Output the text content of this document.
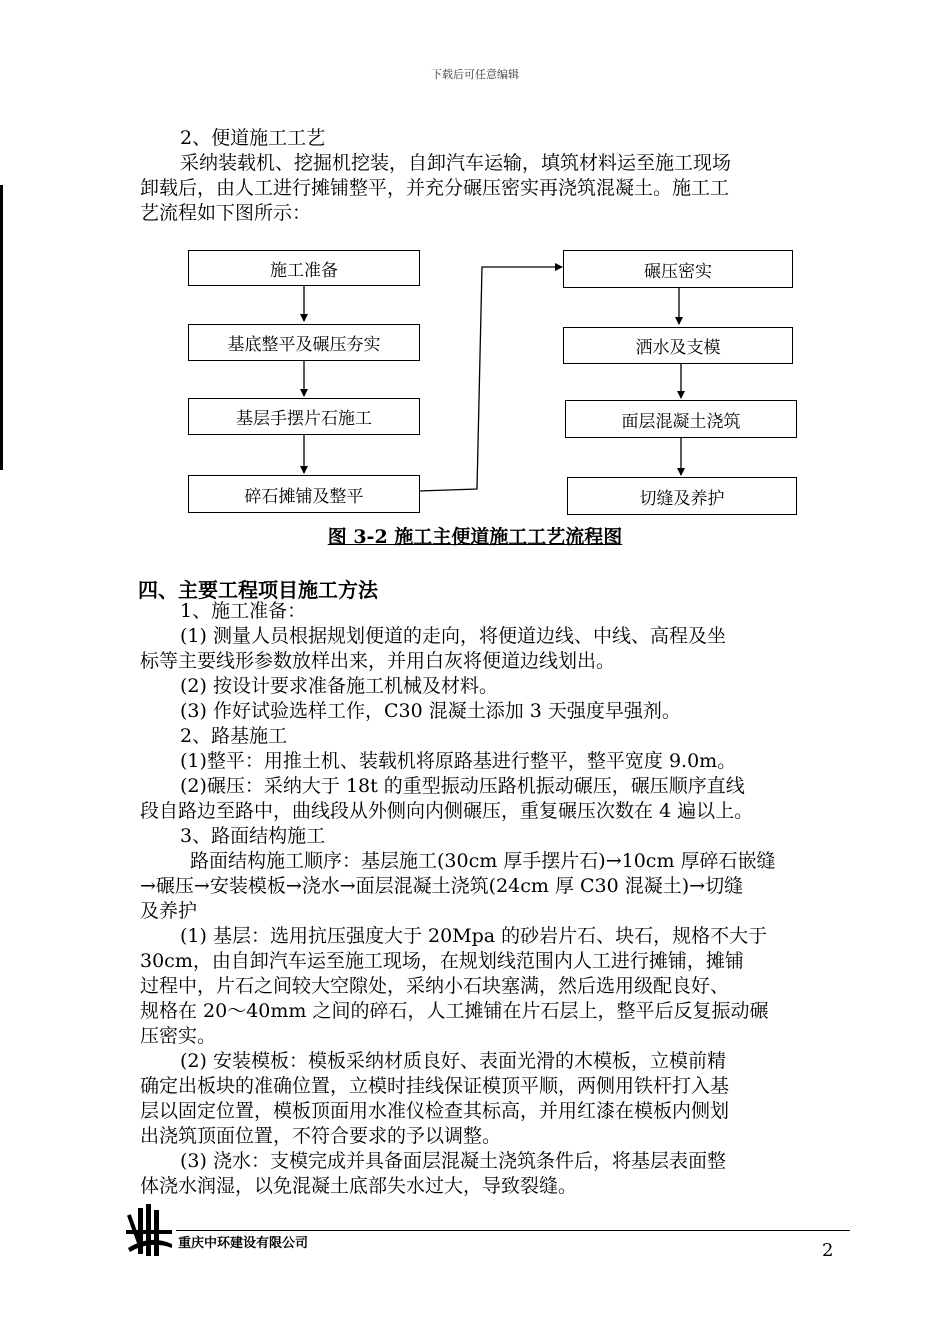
下载后可任意编辑
2、便道施工工艺
采纳装载机、挖掘机挖装，自卸汽车运输，填筑材料运至施工现场
卸载后，由人工进行摊铺整平，并充分碾压密实再浇筑混凝土。施工工
艺流程如下图所示：
施工准备
基底整平及碾压夯实
基层手摆片石施工
碎石摊铺及整平
碾压密实
洒水及支模
面层混凝土浇筑
切缝及养护
图 3-2 施工主便道施工工艺流程图
四、主要工程项目施工方法
1、施工准备：
(1) 测量人员根据规划便道的走向，将便道边线、中线、高程及坐
标等主要线形参数放样出来，并用白灰将便道边线划出。
(2) 按设计要求准备施工机械及材料。
(3) 作好试验选样工作，C30 混凝土添加 3 天强度早强剂。
2、路基施工
(1)整平：用推土机、装载机将原路基进行整平，整平宽度 9.0m。
(2)碾压：采纳大于 18t 的重型振动压路机振动碾压，碾压顺序直线
段自路边至路中，曲线段从外侧向内侧碾压，重复碾压次数在 4 遍以上。
3、路面结构施工
路面结构施工顺序：基层施工(30cm 厚手摆片石)→10cm 厚碎石嵌缝
→碾压→安装模板→浇水→面层混凝土浇筑(24cm 厚 C30 混凝土)→切缝
及养护
(1) 基层：选用抗压强度大于 20Mpa 的砂岩片石、块石，规格不大于
30cm，由自卸汽车运至施工现场，在规划线范围内人工进行摊铺，摊铺
过程中，片石之间较大空隙处，采纳小石块塞满，然后选用级配良好、
规格在 20～40mm 之间的碎石，人工摊铺在片石层上，整平后反复振动碾
压密实。
(2) 安装模板：模板采纳材质良好、表面光滑的木模板，立模前精
确定出板块的准确位置，立模时挂线保证模顶平顺，两侧用铁杆打入基
层以固定位置，模板顶面用水准仪检查其标高，并用红漆在模板内侧划
出浇筑顶面位置，不符合要求的予以调整。
(3) 浇水：支模完成并具备面层混凝土浇筑条件后，将基层表面整
体浇水润湿，以免混凝土底部失水过大，导致裂缝。
重庆中环建设有限公司	2
